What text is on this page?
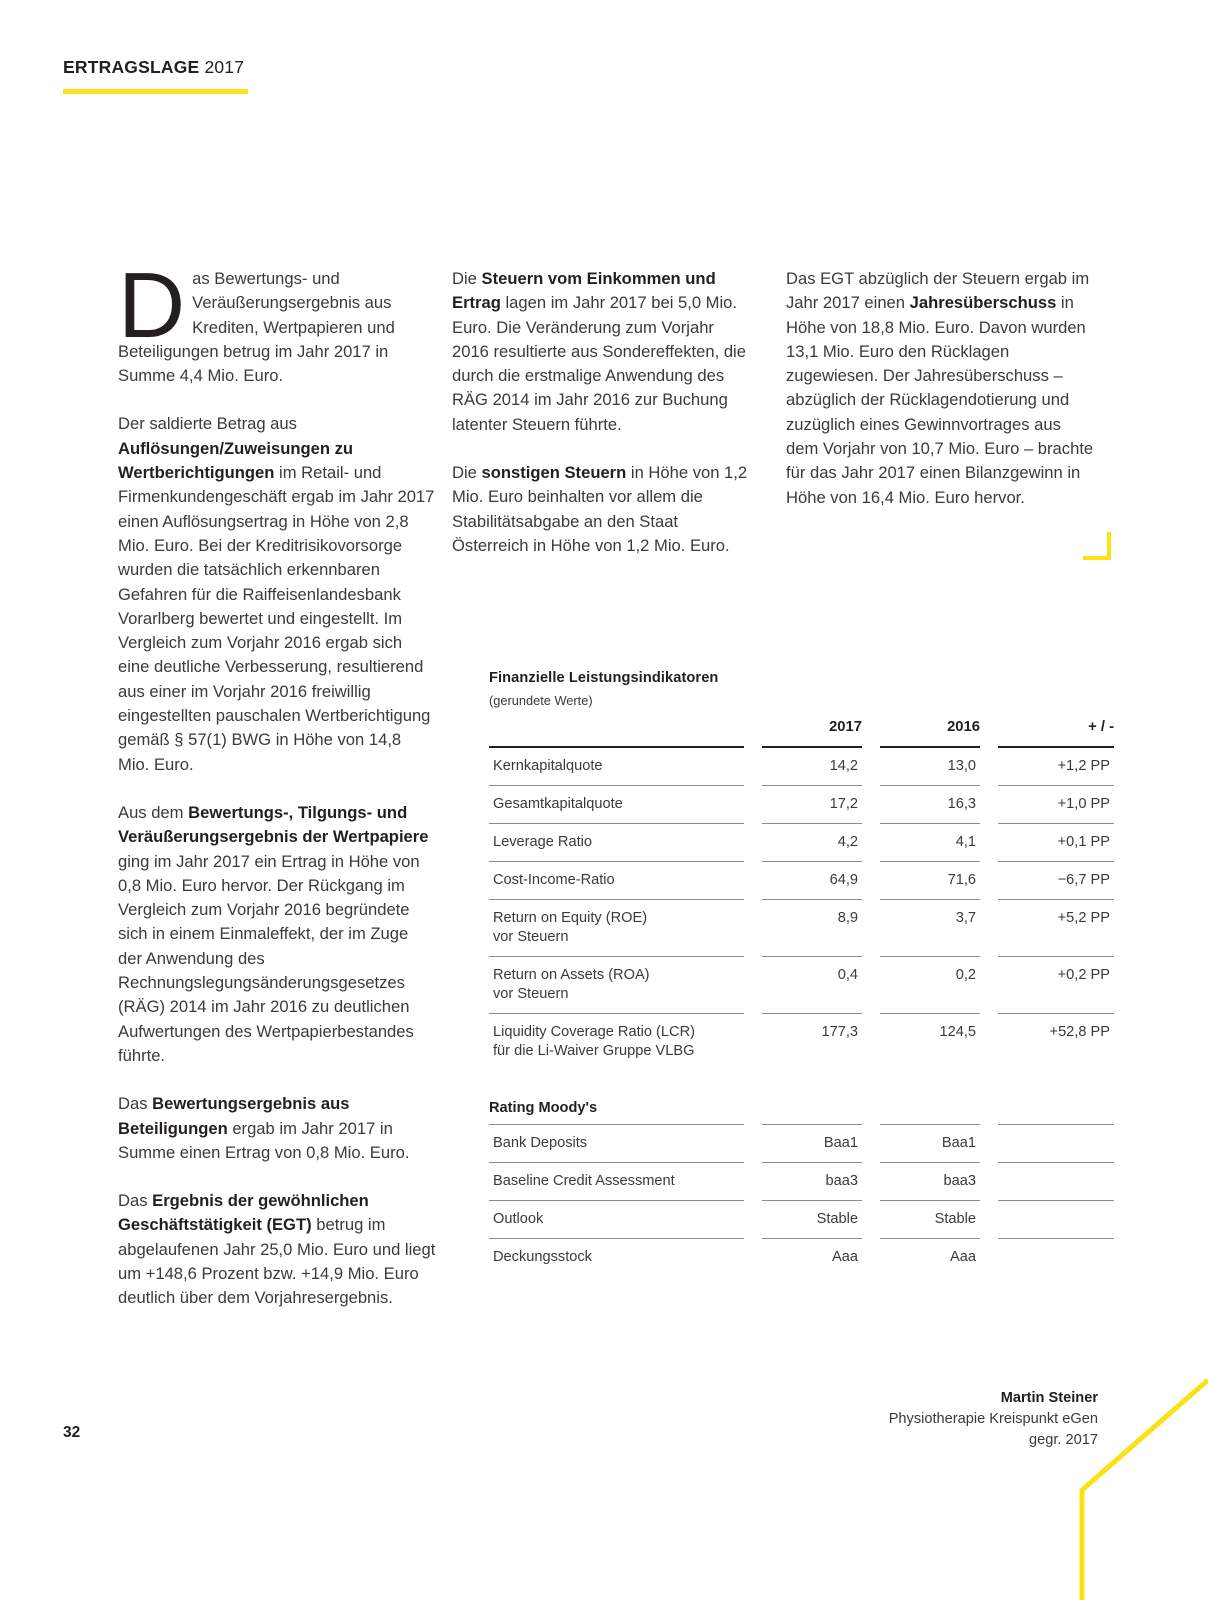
ERTRAGSLAGE 2017

Das Bewertungs- und Veräußerungsergebnis aus Krediten, Wertpapieren und Beteiligungen betrug im Jahr 2017 in Summe 4,4 Mio. Euro.

Der saldierte Betrag aus Auflösungen/Zuweisungen zu Wertberichtigungen im Retail- und Firmenkundengeschäft ergab im Jahr 2017 einen Auflösungsertrag in Höhe von 2,8 Mio. Euro. Bei der Kreditrisikovorsorge wurden die tatsächlich erkennbaren Gefahren für die Raiffeisenlandesbank Vorarlberg bewertet und eingestellt. Im Vergleich zum Vorjahr 2016 ergab sich eine deutliche Verbesserung, resultierend aus einer im Vorjahr 2016 freiwillig eingestellten pauschalen Wertberichtigung gemäß § 57(1) BWG in Höhe von 14,8 Mio. Euro.

Aus dem Bewertungs-, Tilgungs- und Veräußerungsergebnis der Wertpapiere ging im Jahr 2017 ein Ertrag in Höhe von 0,8 Mio. Euro hervor. Der Rückgang im Vergleich zum Vorjahr 2016 begründete sich in einem Einmaleffekt, der im Zuge der Anwendung des Rechnungslegungsänderungsgesetzes (RÄG) 2014 im Jahr 2016 zu deutlichen Aufwertungen des Wertpapierbestandes führte.

Das Bewertungsergebnis aus Beteiligungen ergab im Jahr 2017 in Summe einen Ertrag von 0,8 Mio. Euro.

Das Ergebnis der gewöhnlichen Geschäftstätigkeit (EGT) betrug im abgelaufenen Jahr 25,0 Mio. Euro und liegt um +148,6 Prozent bzw. +14,9 Mio. Euro deutlich über dem Vorjahresergebnis.

Die Steuern vom Einkommen und Ertrag lagen im Jahr 2017 bei 5,0 Mio. Euro. Die Veränderung zum Vorjahr 2016 resultierte aus Sondereffekten, die durch die erstmalige Anwendung des RÄG 2014 im Jahr 2016 zur Buchung latenter Steuern führte.

Die sonstigen Steuern in Höhe von 1,2 Mio. Euro beinhalten vor allem die Stabilitätsabgabe an den Staat Österreich in Höhe von 1,2 Mio. Euro.

Das EGT abzüglich der Steuern ergab im Jahr 2017 einen Jahresüberschuss in Höhe von 18,8 Mio. Euro. Davon wurden 13,1 Mio. Euro den Rücklagen zugewiesen. Der Jahresüberschuss – abzüglich der Rücklagendotierung und zuzüglich eines Gewinnvortrages aus dem Vorjahr von 10,7 Mio. Euro – brachte für das Jahr 2017 einen Bilanzgewinn in Höhe von 16,4 Mio. Euro hervor.

Finanzielle Leistungsindikatoren
(gerundete Werte)
		2017		2016		+ / -
Kernkapitalquote		14,2		13,0		+1,2 PP
Gesamtkapitalquote		17,2		16,3		+1,0 PP
Leverage Ratio		4,2		4,1		+0,1 PP
Cost-Income-Ratio		64,9		71,6		−6,7 PP
Return on Equity (ROE)
vor Steuern		8,9		3,7		+5,2 PP
Return on Assets (ROA)
vor Steuern		0,4		0,2		+0,2 PP
Liquidity Coverage Ratio (LCR)
für die Li-Waiver Gruppe VLBG		177,3		124,5		+52,8 PP
Rating Moody's
Bank Deposits		Baa1		Baa1		
Baseline Credit Assessment		baa3		baa3		
Outlook		Stable		Stable		
Deckungsstock		Aaa		Aaa		
32
Martin Steiner
Physiotherapie Kreispunkt eGen
gegr. 2017
